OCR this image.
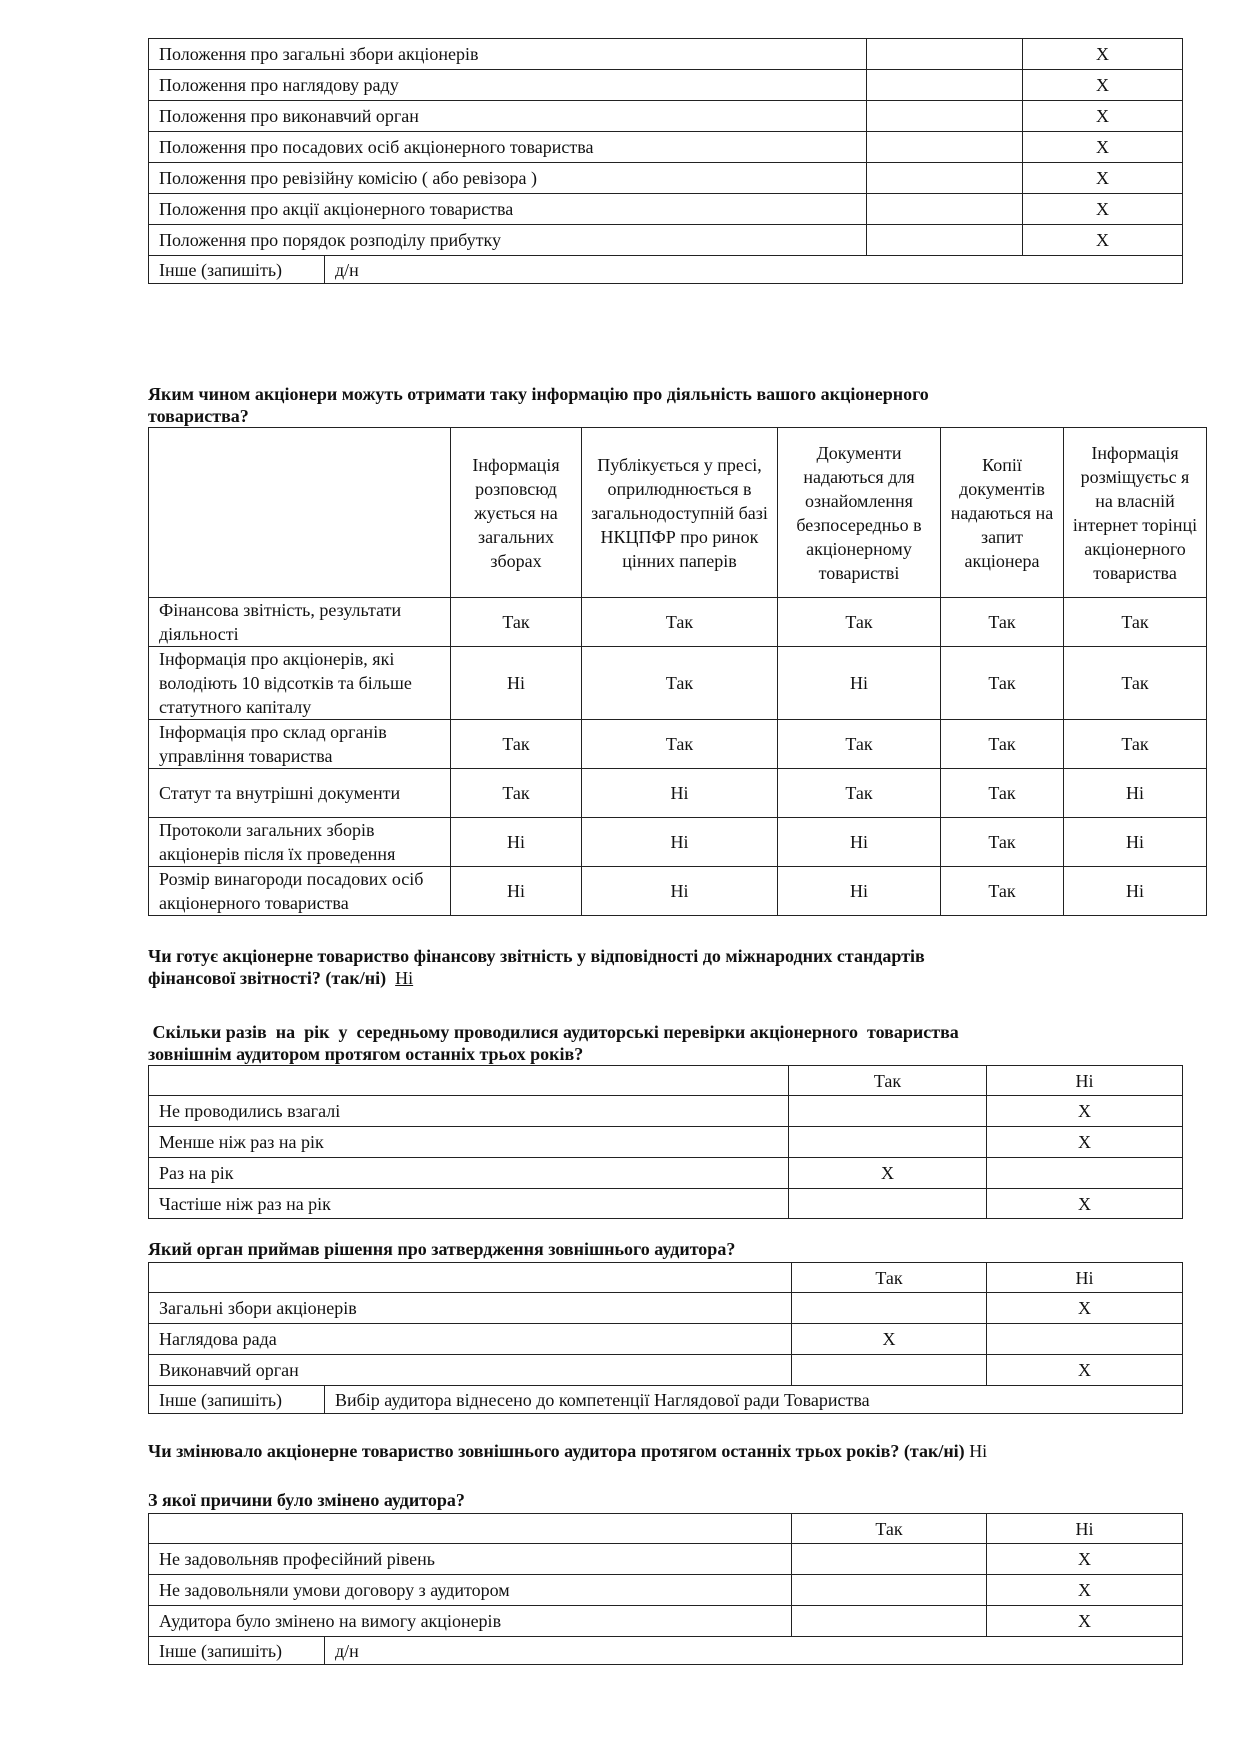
Положення про загальні збори акціонерів			Х
Положення про наглядову раду			Х
Положення про виконавчий орган			Х
Положення про посадових осіб акціонерного товариства			Х
Положення про ревізійну комісію ( або ревізора )			Х
Положення про акції акціонерного товариства			Х
Положення про порядок розподілу прибутку			Х
Інше (запишіть)	д/н		
Яким чином акціонери можуть отримати таку інформацію про діяльність вашого акціонерного
товариства?
	Інформація розповсюд жується на загальних зборах	Публікується у пресі, оприлюднюється в загальнодоступній базі НКЦПФР про ринок цінних паперів	Документи надаються для ознайомлення безпосередньо в акціонерному товаристві	Копії документів надаються на запит акціонера	Інформація розміщуєтьс я на власній інтернет торінці акціонерного товариства
Фінансова звітність, результати діяльності	Так	Так	Так	Так	Так
Інформація про акціонерів, які володіють 10 відсотків та більше статутного капіталу	Ні	Так	Ні	Так	Так
Інформація про склад органів управління товариства	Так	Так	Так	Так	Так
Статут та внутрішні документи	Так	Ні	Так	Так	Ні
Протоколи загальних зборів акціонерів після їх проведення	Ні	Ні	Ні	Так	Ні
Розмір винагороди посадових осіб акціонерного товариства	Ні	Ні	Ні	Так	Ні
Чи готує акціонерне товариство фінансову звітність у відповідності до міжнародних стандартів
фінансової звітності? (так/ні) Ні
Скільки разів  на  рік  у  середньому проводилися аудиторські перевірки акціонерного  товариства
зовнішнім аудитором протягом останніх трьох років?
	Так	Ні
Не проводились взагалі		Х
Менше ніж раз на рік		Х
Раз на рік	Х	
Частіше ніж раз на рік		Х
Який орган приймав рішення про затвердження зовнішнього аудитора?
		Так	Ні
Загальні збори акціонерів			Х
Наглядова рада		Х	
Виконавчий орган			Х
Інше (запишіть)	Вибір аудитора віднесено до компетенції Наглядової ради Товариства		
Чи змінювало акціонерне товариство зовнішнього аудитора протягом останніх трьох років? (так/ні) Ні
З якої причини було змінено аудитора?
		Так	Ні
Не задовольняв професійний рівень			Х
Не задовольняли умови договору з аудитором			Х
Аудитора було змінено на вимогу акціонерів			Х
Інше (запишіть)	д/н		
